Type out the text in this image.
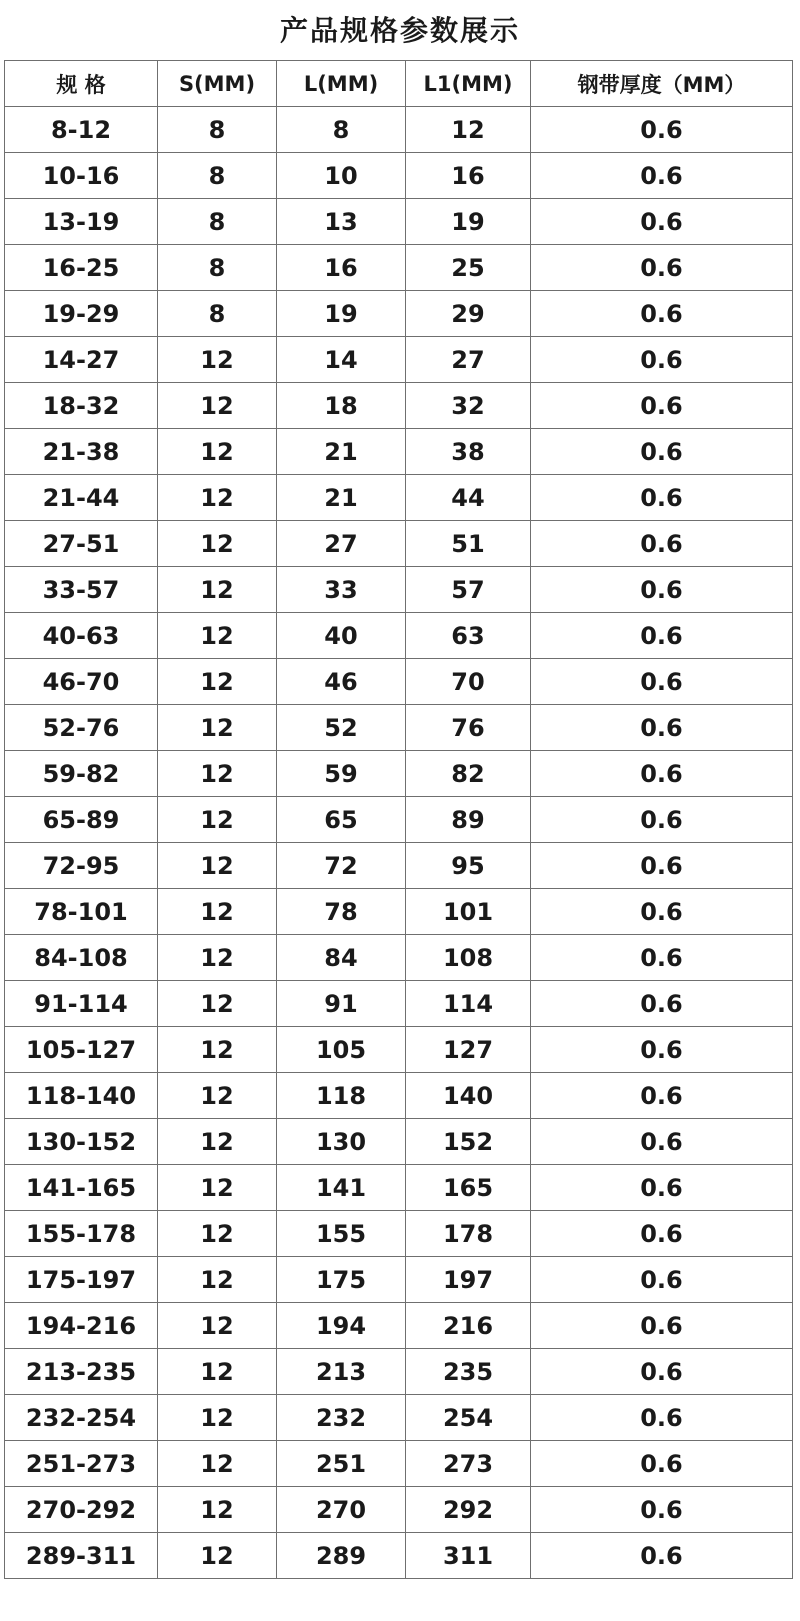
产品规格参数展示
规 格	S(MM)	L(MM)	L1(MM)	钢带厚度（MM）
8-12	8	8	12	0.6
10-16	8	10	16	0.6
13-19	8	13	19	0.6
16-25	8	16	25	0.6
19-29	8	19	29	0.6
14-27	12	14	27	0.6
18-32	12	18	32	0.6
21-38	12	21	38	0.6
21-44	12	21	44	0.6
27-51	12	27	51	0.6
33-57	12	33	57	0.6
40-63	12	40	63	0.6
46-70	12	46	70	0.6
52-76	12	52	76	0.6
59-82	12	59	82	0.6
65-89	12	65	89	0.6
72-95	12	72	95	0.6
78-101	12	78	101	0.6
84-108	12	84	108	0.6
91-114	12	91	114	0.6
105-127	12	105	127	0.6
118-140	12	118	140	0.6
130-152	12	130	152	0.6
141-165	12	141	165	0.6
155-178	12	155	178	0.6
175-197	12	175	197	0.6
194-216	12	194	216	0.6
213-235	12	213	235	0.6
232-254	12	232	254	0.6
251-273	12	251	273	0.6
270-292	12	270	292	0.6
289-311	12	289	311	0.6
